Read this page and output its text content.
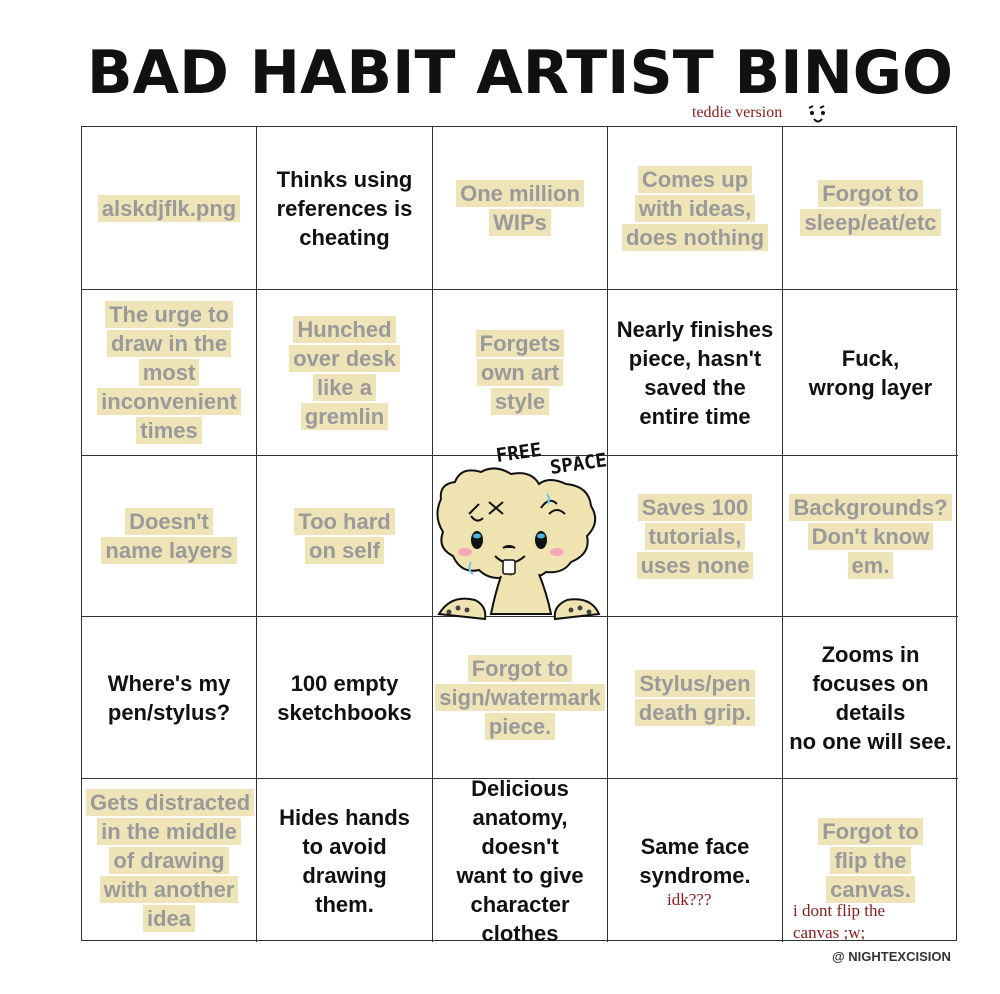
BAD HABIT ARTIST BINGO
teddie version
alskdjflk.png
Thinks using
references is
cheating
One million
WIPs
Comes up
with ideas,
does nothing
Forgot to
sleep/eat/etc
The urge to
draw in the
most
inconvenient
times
Hunched
over desk
like a
gremlin
Forgets
own art
style
Nearly finishes
piece, hasn't
saved the
entire time
Fuck,
wrong layer
Doesn't
name layers
Too hard
on self
FREE SPACE
Saves 100
tutorials,
uses none
Backgrounds?
Don't know em.
Where's my
pen/stylus?
100 empty
sketchbooks
Forgot to
sign/watermark
piece.
Stylus/pen
death grip.
Zooms in
focuses on
details
no one will see.
Gets distracted
in the middle
of drawing
with another idea
Hides hands
to avoid
drawing
them.
Delicious
anatomy,
doesn't
want to give
character
clothes
Same face
syndrome.
Forgot to
flip the
canvas.
idk???
i dont flip the
canvas ;w;
@ NIGHTEXCISION
